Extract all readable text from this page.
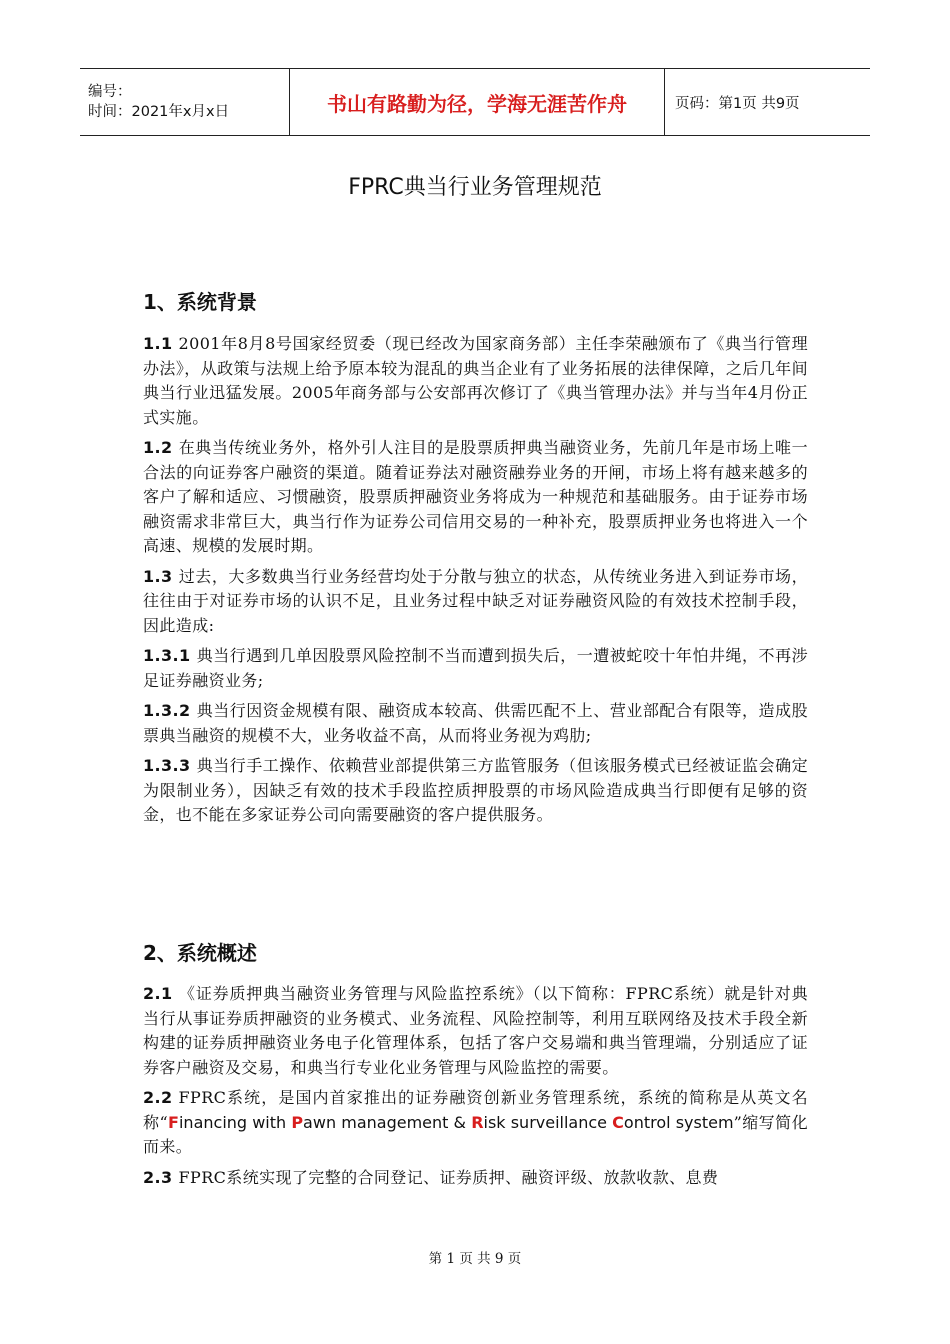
编号：
时间：2021年x月x日	书山有路勤为径，学海无涯苦作舟	页码：第1页 共9页
FPRC典当行业务管理规范
1、系统背景

1.1 2001年8月8号国家经贸委（现已经改为国家商务部）主任李荣融颁布了《典当行管理办法》，从政策与法规上给予原本较为混乱的典当企业有了业务拓展的法律保障，之后几年间典当行业迅猛发展。2005年商务部与公安部再次修订了《典当管理办法》并与当年4月份正式实施。

1.2 在典当传统业务外，格外引人注目的是股票质押典当融资业务，先前几年是市场上唯一合法的向证券客户融资的渠道。随着证券法对融资融券业务的开闸，市场上将有越来越多的客户了解和适应、习惯融资，股票质押融资业务将成为一种规范和基础服务。由于证券市场融资需求非常巨大，典当行作为证券公司信用交易的一种补充，股票质押业务也将进入一个高速、规模的发展时期。

1.3 过去，大多数典当行业务经营均处于分散与独立的状态，从传统业务进入到证券市场，往往由于对证券市场的认识不足，且业务过程中缺乏对证券融资风险的有效技术控制手段，因此造成:

1.3.1 典当行遇到几单因股票风险控制不当而遭到损失后，一遭被蛇咬十年怕井绳，不再涉足证券融资业务;

1.3.2 典当行因资金规模有限、融资成本较高、供需匹配不上、营业部配合有限等，造成股票典当融资的规模不大，业务收益不高，从而将业务视为鸡肋;

1.3.3 典当行手工操作、依赖营业部提供第三方监管服务（但该服务模式已经被证监会确定为限制业务），因缺乏有效的技术手段监控质押股票的市场风险造成典当行即便有足够的资金，也不能在多家证券公司向需要融资的客户提供服务。

2、系统概述

2.1 《证券质押典当融资业务管理与风险监控系统》（以下简称：FPRC系统）就是针对典当行从事证券质押融资的业务模式、业务流程、风险控制等，利用互联网络及技术手段全新构建的证券质押融资业务电子化管理体系，包括了客户交易端和典当管理端，分别适应了证券客户融资及交易，和典当行专业化业务管理与风险监控的需要。

2.2 FPRC系统，是国内首家推出的证券融资创新业务管理系统，系统的简称是从英文名称“Financing with Pawn management & Risk surveillance Control system”缩写简化而来。

2.3 FPRC系统实现了完整的合同登记、证券质押、融资评级、放款收款、息费

第 1 页 共 9 页
